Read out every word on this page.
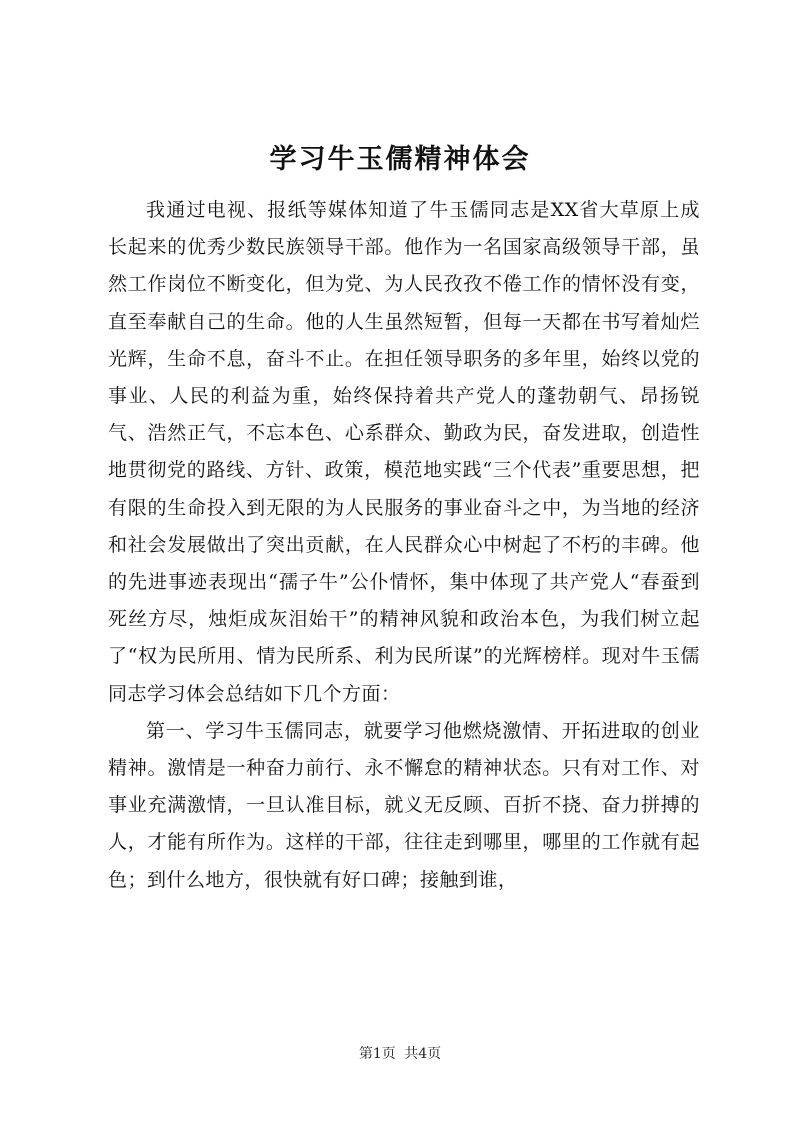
学习牛玉儒精神体会

我通过电视、报纸等媒体知道了牛玉儒同志是XX省大草原上成长起来的优秀少数民族领导干部。他作为一名国家高级领导干部，虽然工作岗位不断变化，但为党、为人民孜孜不倦工作的情怀没有变，直至奉献自己的生命。他的人生虽然短暂，但每一天都在书写着灿烂光辉，生命不息，奋斗不止。在担任领导职务的多年里，始终以党的事业、人民的利益为重，始终保持着共产党人的蓬勃朝气、昂扬锐气、浩然正气，不忘本色、心系群众、勤政为民，奋发进取，创造性地贯彻党的路线、方针、政策，模范地实践“三个代表”重要思想，把有限的生命投入到无限的为人民服务的事业奋斗之中，为当地的经济和社会发展做出了突出贡献，在人民群众心中树起了不朽的丰碑。他的先进事迹表现出“孺子牛”公仆情怀，集中体现了共产党人“春蚕到死丝方尽，烛炬成灰泪始干”的精神风貌和政治本色，为我们树立起了“权为民所用、情为民所系、利为民所谋”的光辉榜样。现对牛玉儒同志学习体会总结如下几个方面：

第一、学习牛玉儒同志，就要学习他燃烧激情、开拓进取的创业精神。激情是一种奋力前行、永不懈怠的精神状态。只有对工作、对事业充满激情，一旦认准目标，就义无反顾、百折不挠、奋力拼搏的人，才能有所作为。这样的干部，往往走到哪里，哪里的工作就有起色；到什么地方，很快就有好口碑；接触到谁，

第1页 共4页
